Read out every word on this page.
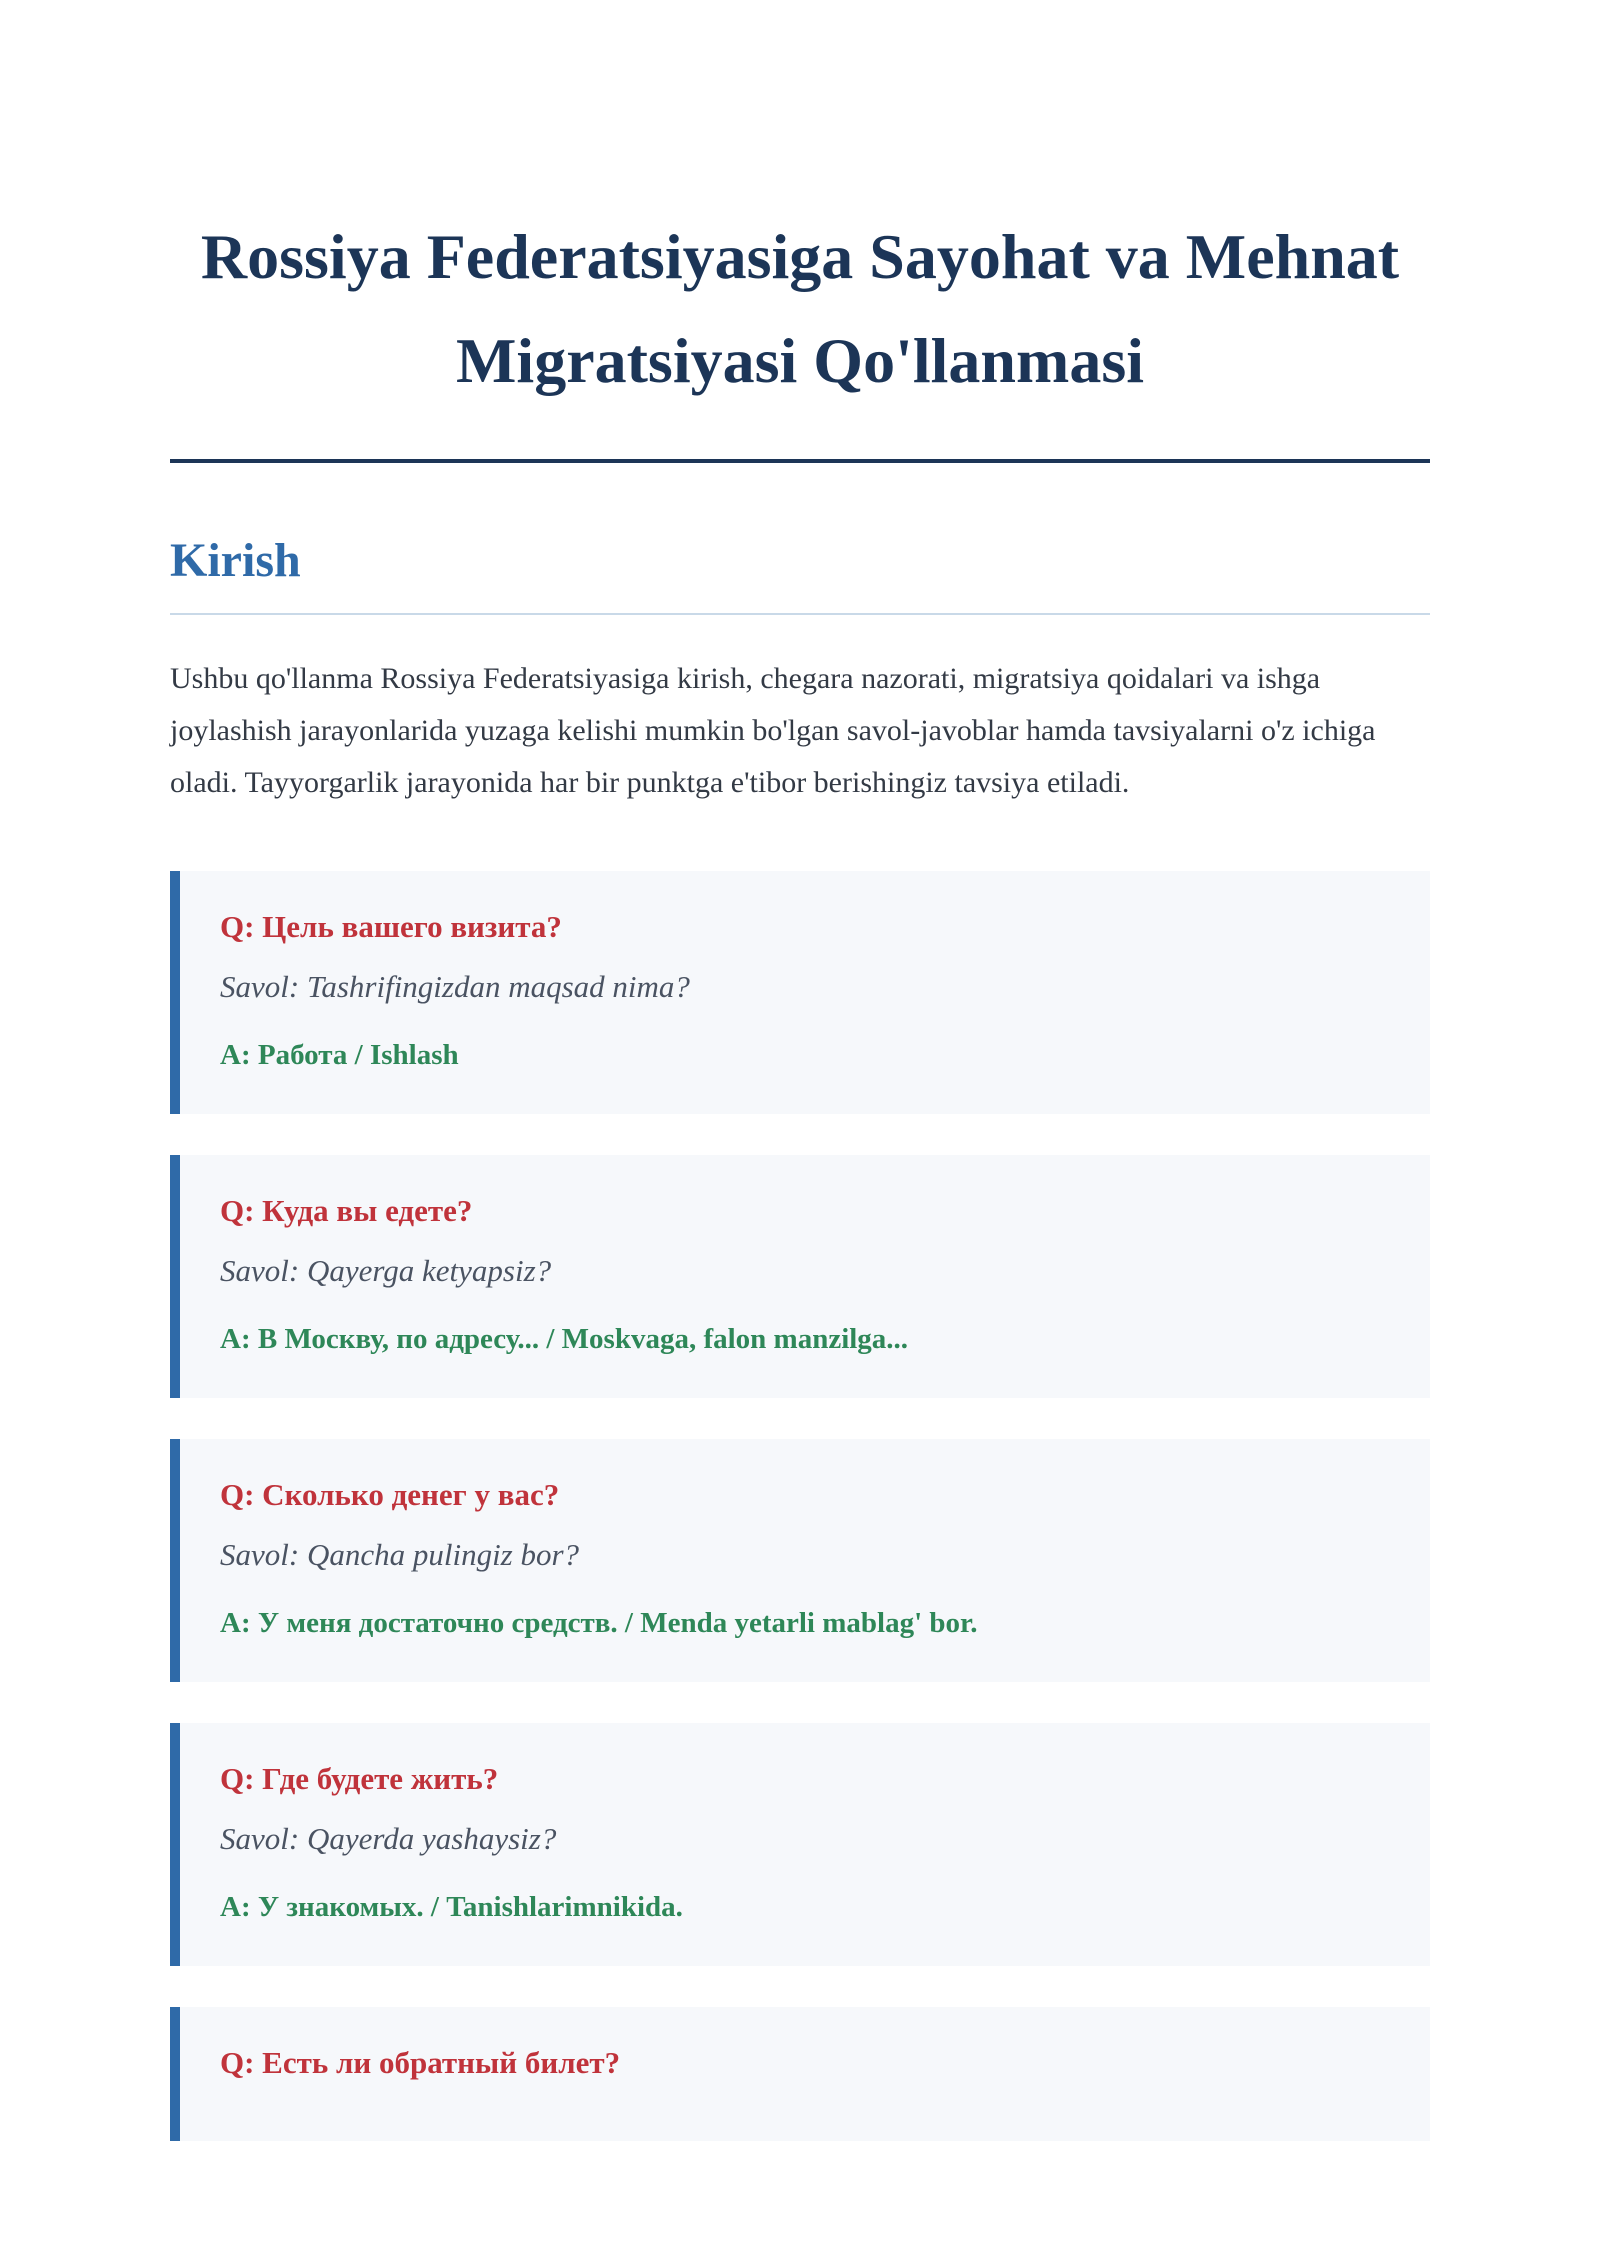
Rossiya Federatsiyasiga Sayohat va Mehnat Migratsiyasi Qo'llanmasi
Kirish

Ushbu qo'llanma Rossiya Federatsiyasiga kirish, chegara nazorati, migratsiya qoidalari va ishga joylashish jarayonlarida yuzaga kelishi mumkin bo'lgan savol-javoblar hamda tavsiyalarni o'z ichiga oladi. Tayyorgarlik jarayonida har bir punktga e'tibor berishingiz tavsiya etiladi.

Q: Цель вашего визита?
Savol: Tashrifingizdan maqsad nima?
A: Работа / Ishlash
Q: Куда вы едете?
Savol: Qayerga ketyapsiz?
A: В Москву, по адресу... / Moskvaga, falon manzilga...
Q: Сколько денег у вас?
Savol: Qancha pulingiz bor?
A: У меня достаточно средств. / Menda yetarli mablag' bor.
Q: Где будете жить?
Savol: Qayerda yashaysiz?
A: У знакомых. / Tanishlarimnikida.
Q: Есть ли обратный билет?
